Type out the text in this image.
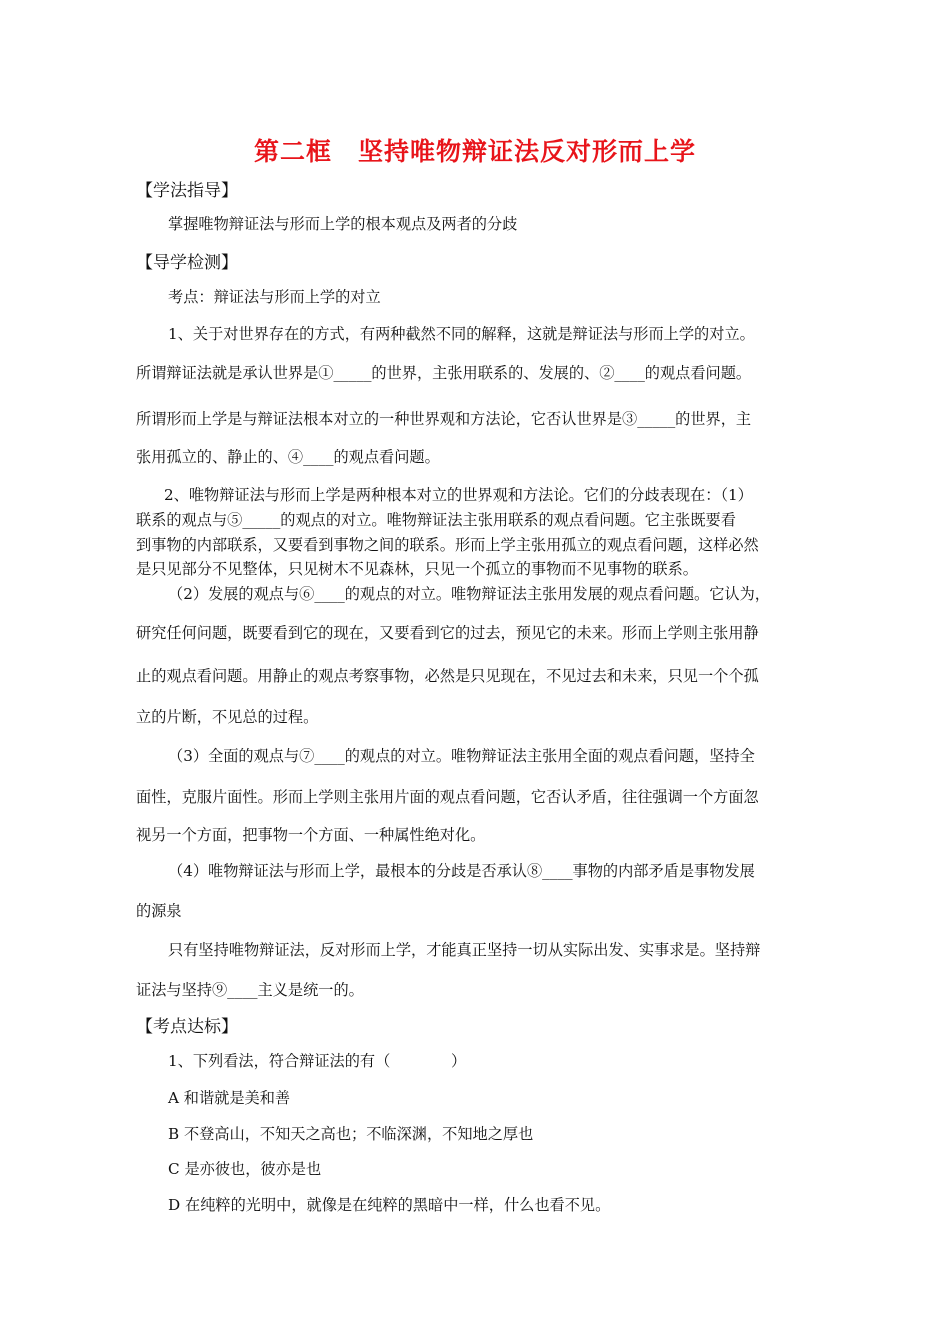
第二框　坚持唯物辩证法反对形而上学
【学法指导】
掌握唯物辩证法与形而上学的根本观点及两者的分歧
【导学检测】
考点：辩证法与形而上学的对立
1、关于对世界存在的方式，有两种截然不同的解释，这就是辩证法与形而上学的对立。
所谓辩证法就是承认世界是①_____的世界，主张用联系的、发展的、②____的观点看问题。
所谓形而上学是与辩证法根本对立的一种世界观和方法论，它否认世界是③_____的世界，主
张用孤立的、静止的、④____的观点看问题。
2、唯物辩证法与形而上学是两种根本对立的世界观和方法论。它们的分歧表现在：（1）
联系的观点与⑤_____的观点的对立。唯物辩证法主张用联系的观点看问题。它主张既要看
到事物的内部联系，又要看到事物之间的联系。形而上学主张用孤立的观点看问题，这样必然
是只见部分不见整体，只见树木不见森林，只见一个孤立的事物而不见事物的联系。
（2）发展的观点与⑥____的观点的对立。唯物辩证法主张用发展的观点看问题。它认为，
研究任何问题，既要看到它的现在，又要看到它的过去，预见它的未来。形而上学则主张用静
止的观点看问题。用静止的观点考察事物，必然是只见现在，不见过去和未来，只见一个个孤
立的片断，不见总的过程。
（3）全面的观点与⑦____的观点的对立。唯物辩证法主张用全面的观点看问题，坚持全
面性，克服片面性。形而上学则主张用片面的观点看问题，它否认矛盾，往往强调一个方面忽
视另一个方面，把事物一个方面、一种属性绝对化。
（4）唯物辩证法与形而上学，最根本的分歧是否承认⑧____事物的内部矛盾是事物发展
的源泉
只有坚持唯物辩证法，反对形而上学，才能真正坚持一切从实际出发、实事求是。坚持辩
证法与坚持⑨____主义是统一的。
【考点达标】
1、下列看法，符合辩证法的有（　　　　）
A 和谐就是美和善
B 不登高山，不知天之高也；不临深渊，不知地之厚也
C 是亦彼也，彼亦是也
D 在纯粹的光明中，就像是在纯粹的黑暗中一样，什么也看不见。
